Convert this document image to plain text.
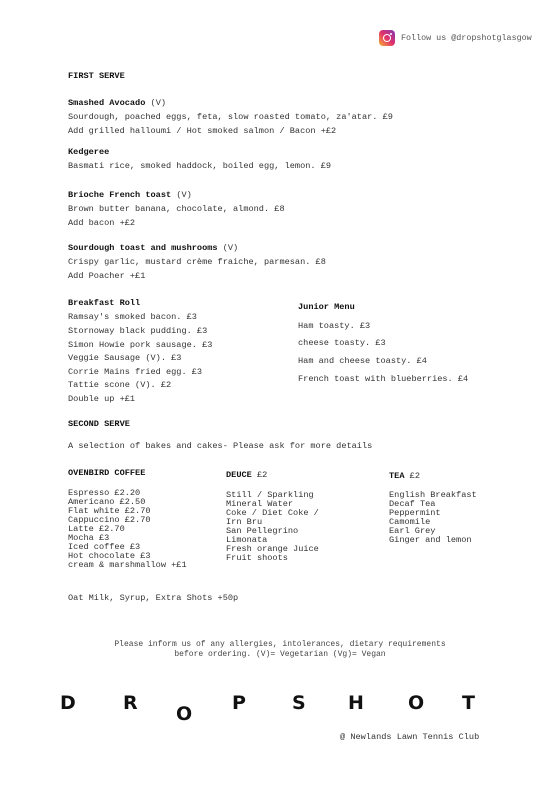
Follow us @dropshotglasgow
FIRST SERVE
Smashed Avocado (V)
Sourdough, poached eggs, feta, slow roasted tomato, za'atar. £9
Add grilled halloumi / Hot smoked salmon / Bacon +£2
Kedgeree
Basmati rice, smoked haddock, boiled egg, lemon. £9
Brioche French toast (V)
Brown butter banana, chocolate, almond. £8
Add bacon +£2
Sourdough toast and mushrooms (V)
Crispy garlic, mustard crème fraiche, parmesan. £8
Add Poacher +£1
Breakfast Roll
Ramsay's smoked bacon. £3
Stornoway black pudding. £3
Simon Howie pork sausage. £3
Veggie Sausage (V). £3
Corrie Mains fried egg. £3
Tattie scone (V). £2
Double up +£1
Junior Menu
Ham toasty. £3
cheese toasty. £3
Ham and cheese toasty. £4
French toast with blueberries. £4
SECOND SERVE
A selection of bakes and cakes- Please ask for more details
OVENBIRD COFFEE
Espresso £2.20
Americano £2.50
Flat white £2.70
Cappuccino £2.70
Latte £2.70
Mocha £3
Iced coffee £3
Hot chocolate £3
cream & marshmallow +£1
DEUCE £2
Still / Sparkling
Mineral Water
Coke / Diet Coke /
Irn Bru
San Pellegrino
Limonata
Fresh orange Juice
Fruit shoots
TEA £2
English Breakfast
Decaf Tea
Peppermint
Camomile
Earl Grey
Ginger and lemon
Oat Milk, Syrup, Extra Shots +50p
Please inform us of any allergies, intolerances, dietary requirements before ordering. (V)= Vegetarian (Vg)= Vegan
D R O P S H O T
@ Newlands Lawn Tennis Club
